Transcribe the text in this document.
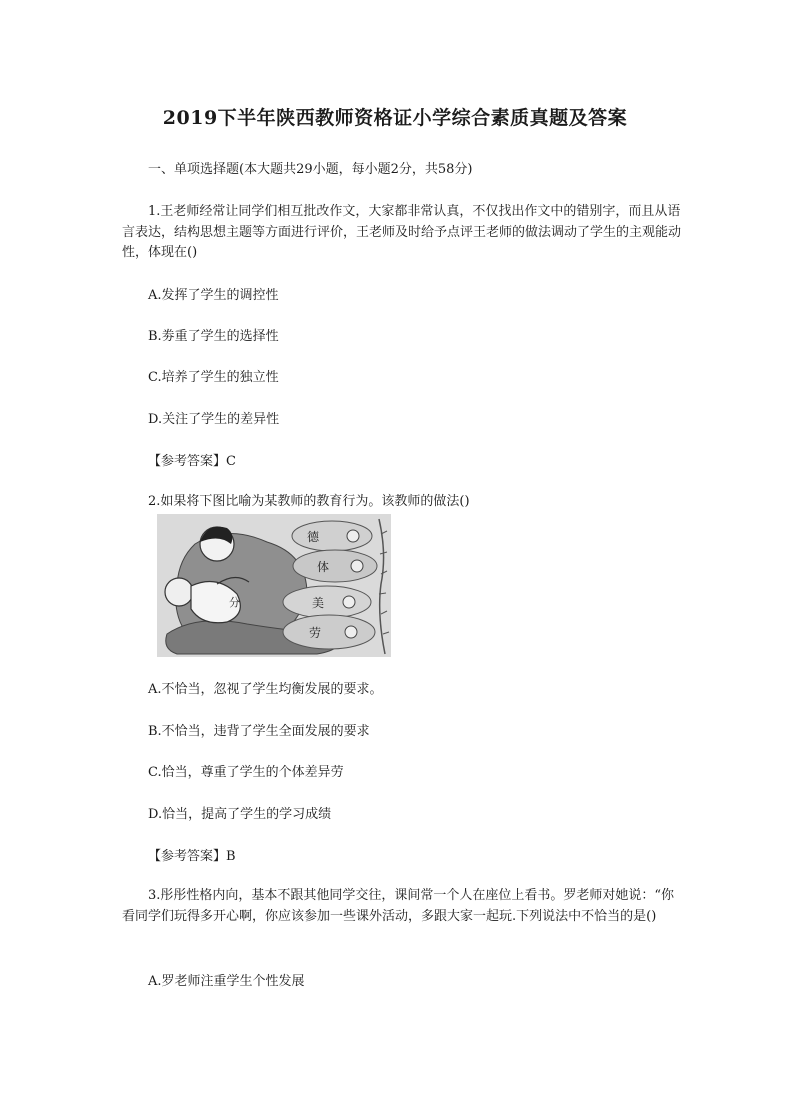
2019下半年陕西教师资格证小学综合素质真题及答案
一、单项选择题(本大题共29小题，每小题2分，共58分)
1.王老师经常让同学们相互批改作文，大家都非常认真，不仅找出作文中的错别字，而且从语言表达，结构思想主题等方面进行评价，王老师及时给予点评王老师的做法调动了学生的主观能动性，体现在()
A.发挥了学生的调控性
B.劵重了学生的选择性
C.培养了学生的独立性
D.关注了学生的差异性
【参考答案】C
2.如果将下图比喻为某教师的教育行为。该教师的做法()
德
体
美
劳
分
A.不恰当，忽视了学生均衡发展的要求。
B.不恰当，违背了学生全面发展的要求
C.恰当，尊重了学生的个体差异劳
D.恰当，提高了学生的学习成绩
【参考答案】B
3.彤彤性格内向，基本不跟其他同学交往，课间常一个人在座位上看书。罗老师对她说：“你看同学们玩得多开心啊，你应该参加一些课外活动，多跟大家一起玩.下列说法中不恰当的是()
A.罗老师注重学生个性发展
